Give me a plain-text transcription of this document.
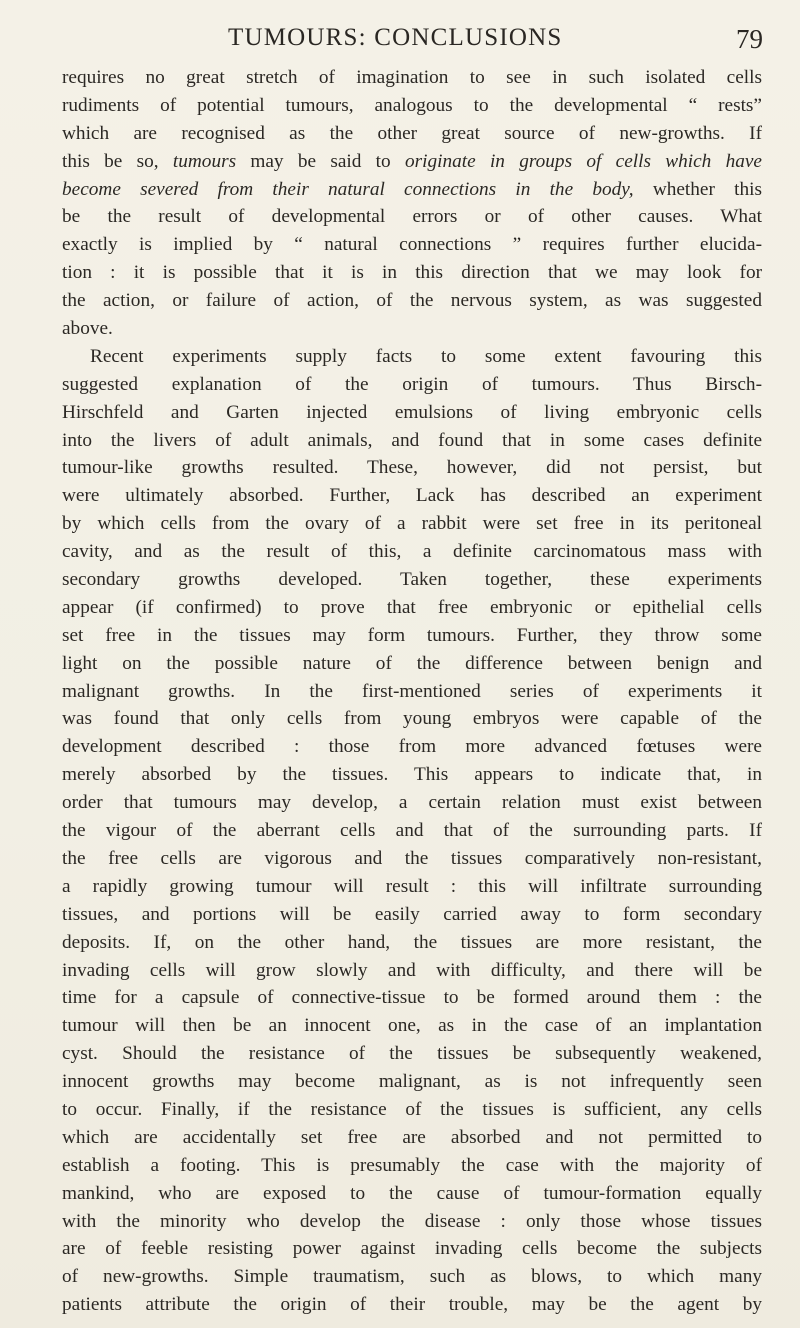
TUMOURS: CONCLUSIONS	79
requires no great stretch of imagination to see in such isolated cells
rudiments of potential tumours, analogous to the developmental “ rests”
which are recognised as the other great source of new-growths. If
this be so, tumours may be said to originate in groups of cells which have
become severed from their natural connections in the body, whether this
be the result of developmental errors or of other causes. What
exactly is implied by “ natural connections ” requires further elucida-
tion : it is possible that it is in this direction that we may look for
the action, or failure of action, of the nervous system, as was suggested
above.
Recent experiments supply facts to some extent favouring this
suggested explanation of the origin of tumours. Thus Birsch-
Hirschfeld and Garten injected emulsions of living embryonic cells
into the livers of adult animals, and found that in some cases definite
tumour-like growths resulted. These, however, did not persist, but
were ultimately absorbed. Further, Lack has described an experiment
by which cells from the ovary of a rabbit were set free in its peritoneal
cavity, and as the result of this, a definite carcinomatous mass with
secondary growths developed. Taken together, these experiments
appear (if confirmed) to prove that free embryonic or epithelial cells
set free in the tissues may form tumours. Further, they throw some
light on the possible nature of the difference between benign and
malignant growths. In the first-mentioned series of experiments it
was found that only cells from young embryos were capable of the
development described : those from more advanced fœtuses were
merely absorbed by the tissues. This appears to indicate that, in
order that tumours may develop, a certain relation must exist between
the vigour of the aberrant cells and that of the surrounding parts. If
the free cells are vigorous and the tissues comparatively non-resistant,
a rapidly growing tumour will result : this will infiltrate surrounding
tissues, and portions will be easily carried away to form secondary
deposits. If, on the other hand, the tissues are more resistant, the
invading cells will grow slowly and with difficulty, and there will be
time for a capsule of connective-tissue to be formed around them : the
tumour will then be an innocent one, as in the case of an implantation
cyst. Should the resistance of the tissues be subsequently weakened,
innocent growths may become malignant, as is not infrequently seen
to occur. Finally, if the resistance of the tissues is sufficient, any cells
which are accidentally set free are absorbed and not permitted to
establish a footing. This is presumably the case with the majority of
mankind, who are exposed to the cause of tumour-formation equally
with the minority who develop the disease : only those whose tissues
are of feeble resisting power against invading cells become the subjects
of new-growths. Simple traumatism, such as blows, to which many
patients attribute the origin of their trouble, may be the agent by
